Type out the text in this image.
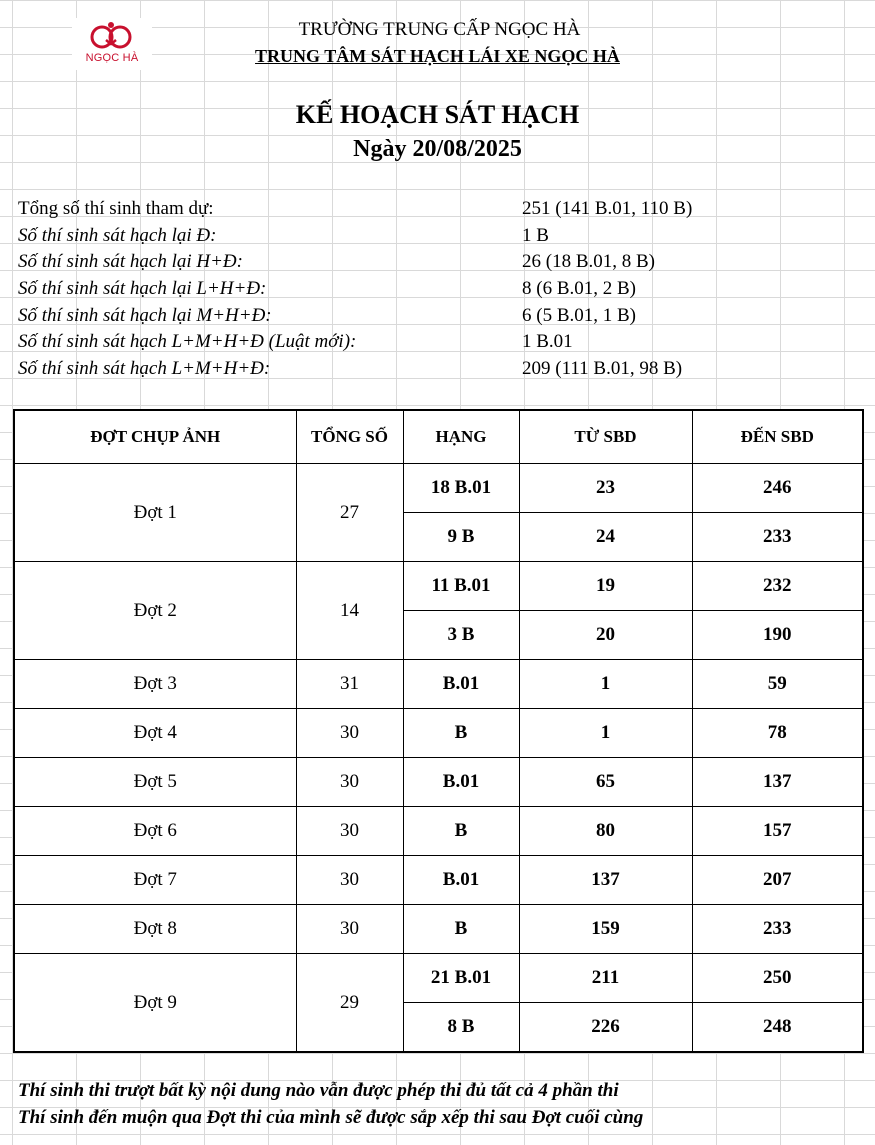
NGỌC HÀ
TRƯỜNG TRUNG CẤP NGỌC HÀ
TRUNG TÂM SÁT HẠCH LÁI XE NGỌC HÀ
KẾ HOẠCH SÁT HẠCH
Ngày 20/08/2025
Tổng số thí sinh tham dự:	251 (141 B.01, 110 B)
Số thí sinh sát hạch lại Đ:	1 B
Số thí sinh sát hạch lại H+Đ:	26 (18 B.01, 8 B)
Số thí sinh sát hạch lại L+H+Đ:	8 (6 B.01, 2 B)
Số thí sinh sát hạch lại M+H+Đ:	6 (5 B.01, 1 B)
Số thí sinh sát hạch L+M+H+Đ (Luật mới):	1 B.01
Số thí sinh sát hạch L+M+H+Đ:	209 (111 B.01, 98 B)
ĐỢT CHỤP ẢNH	TỔNG SỐ	HẠNG	TỪ SBD	ĐẾN SBD
Đợt 1	27	18 B.01	23	246
		9 B	24	233
Đợt 2	14	11 B.01	19	232
		3 B	20	190
Đợt 3	31	B.01	1	59
Đợt 4	30	B	1	78
Đợt 5	30	B.01	65	137
Đợt 6	30	B	80	157
Đợt 7	30	B.01	137	207
Đợt 8	30	B	159	233
Đợt 9	29	21 B.01	211	250
		8 B	226	248
Thí sinh thi trượt bất kỳ nội dung nào vẫn được phép thi đủ tất cả 4 phần thi
Thí sinh đến muộn qua Đợt thi của mình sẽ được sắp xếp thi sau Đợt cuối cùng
